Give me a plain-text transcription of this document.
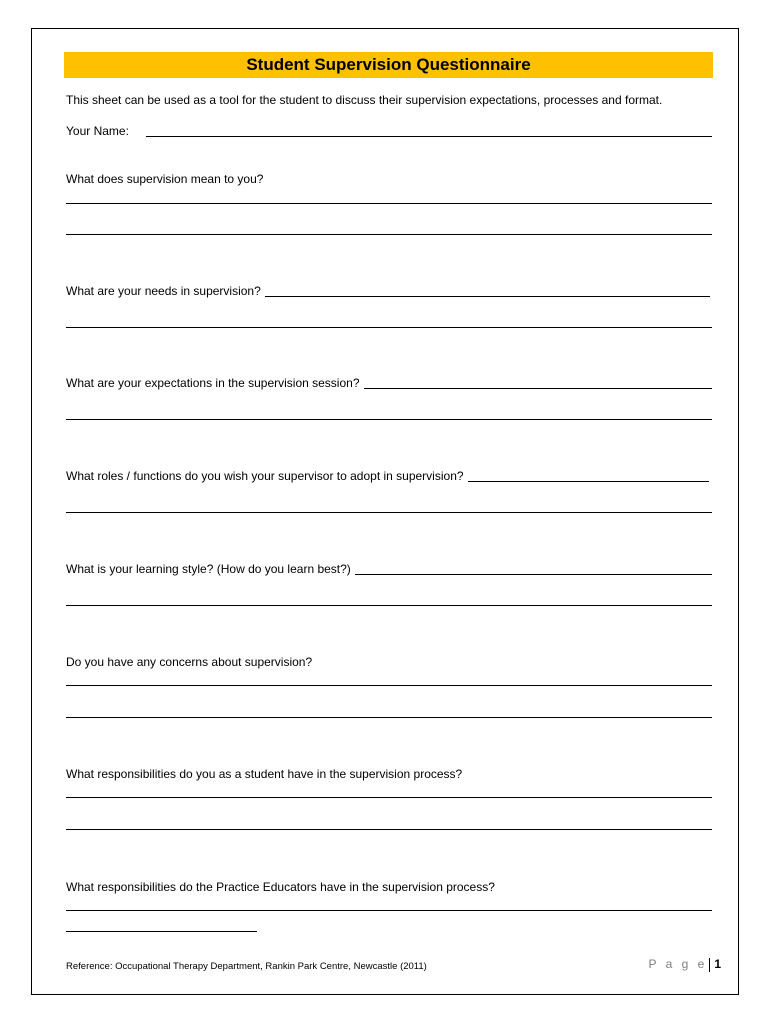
Student Supervision Questionnaire
This sheet can be used as a tool for the student to discuss their supervision expectations, processes and format.
Your Name:
What does supervision mean to you?
What are your needs in supervision?
What are your expectations in the supervision session?
What roles / functions do you wish your supervisor to adopt in supervision?
What is your learning style? (How do you learn best?)
Do you have any concerns about supervision?
What responsibilities do you as a student have in the supervision process?
What responsibilities do the Practice Educators have in the supervision process?
Reference: Occupational Therapy Department, Rankin Park Centre, Newcastle (2011)	P a g e 1
